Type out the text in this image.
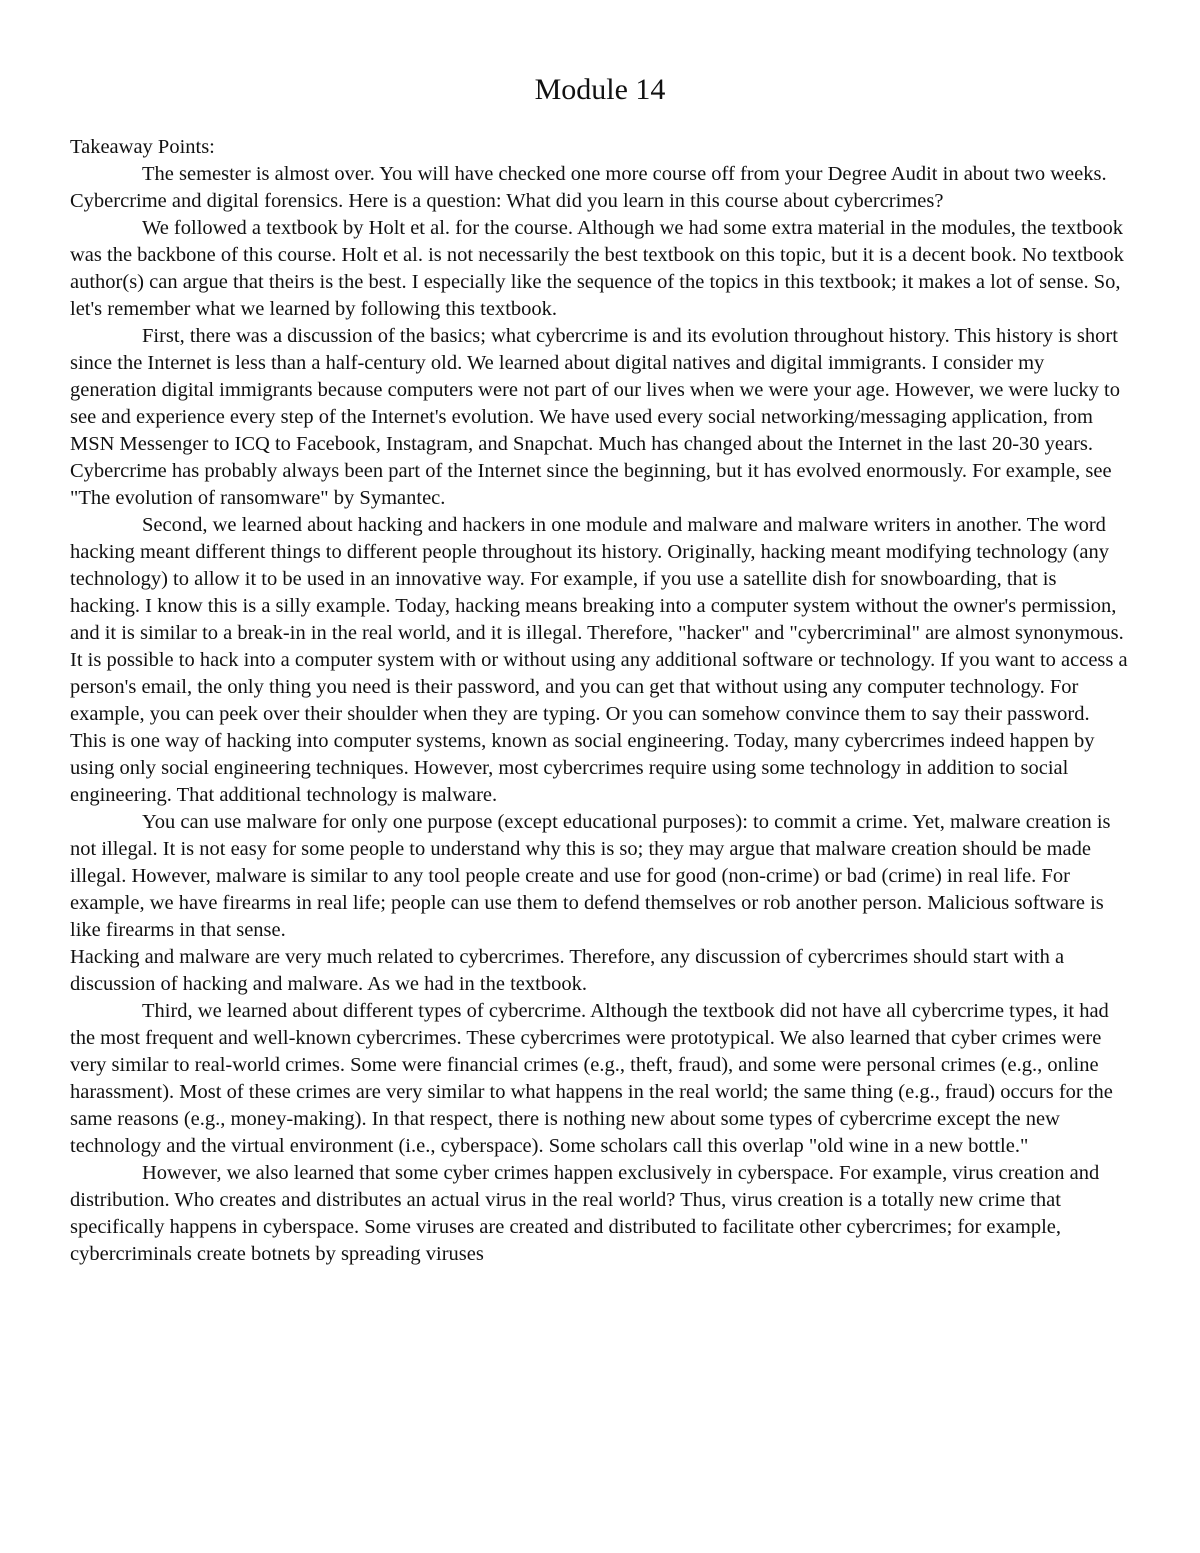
Module 14

Takeaway Points:

The semester is almost over. You will have checked one more course off from your Degree Audit in about two weeks. Cybercrime and digital forensics. Here is a question: What did you learn in this course about cybercrimes?

We followed a textbook by Holt et al. for the course. Although we had some extra material in the modules, the textbook was the backbone of this course. Holt et al. is not necessarily the best textbook on this topic, but it is a decent book. No textbook author(s) can argue that theirs is the best. I especially like the sequence of the topics in this textbook; it makes a lot of sense. So, let's remember what we learned by following this textbook.

First, there was a discussion of the basics; what cybercrime is and its evolution throughout history. This history is short since the Internet is less than a half-century old. We learned about digital natives and digital immigrants. I consider my generation digital immigrants because computers were not part of our lives when we were your age. However, we were lucky to see and experience every step of the Internet's evolution. We have used every social networking/messaging application, from MSN Messenger to ICQ to Facebook, Instagram, and Snapchat. Much has changed about the Internet in the last 20-30 years. Cybercrime has probably always been part of the Internet since the beginning, but it has evolved enormously. For example, see "The evolution of ransomware" by Symantec.

Second, we learned about hacking and hackers in one module and malware and malware writers in another. The word hacking meant different things to different people throughout its history. Originally, hacking meant modifying technology (any technology) to allow it to be used in an innovative way. For example, if you use a satellite dish for snowboarding, that is hacking. I know this is a silly example. Today, hacking means breaking into a computer system without the owner's permission, and it is similar to a break-in in the real world, and it is illegal. Therefore, "hacker" and "cybercriminal" are almost synonymous.

It is possible to hack into a computer system with or without using any additional software or technology. If you want to access a person's email, the only thing you need is their password, and you can get that without using any computer technology. For example, you can peek over their shoulder when they are typing. Or you can somehow convince them to say their password. This is one way of hacking into computer systems, known as social engineering. Today, many cybercrimes indeed happen by using only social engineering techniques. However, most cybercrimes require using some technology in addition to social engineering. That additional technology is malware.

You can use malware for only one purpose (except educational purposes): to commit a crime. Yet, malware creation is not illegal. It is not easy for some people to understand why this is so; they may argue that malware creation should be made illegal. However, malware is similar to any tool people create and use for good (non-crime) or bad (crime) in real life. For example, we have firearms in real life; people can use them to defend themselves or rob another person. Malicious software is like firearms in that sense.

Hacking and malware are very much related to cybercrimes. Therefore, any discussion of cybercrimes should start with a discussion of hacking and malware. As we had in the textbook.

Third, we learned about different types of cybercrime. Although the textbook did not have all cybercrime types, it had the most frequent and well-known cybercrimes. These cybercrimes were prototypical. We also learned that cyber crimes were very similar to real-world crimes. Some were financial crimes (e.g., theft, fraud), and some were personal crimes (e.g., online harassment). Most of these crimes are very similar to what happens in the real world; the same thing (e.g., fraud) occurs for the same reasons (e.g., money-making). In that respect, there is nothing new about some types of cybercrime except the new technology and the virtual environment (i.e., cyberspace). Some scholars call this overlap "old wine in a new bottle."

However, we also learned that some cyber crimes happen exclusively in cyberspace. For example, virus creation and distribution. Who creates and distributes an actual virus in the real world? Thus, virus creation is a totally new crime that specifically happens in cyberspace. Some viruses are created and distributed to facilitate other cybercrimes; for example, cybercriminals create botnets by spreading viruses
